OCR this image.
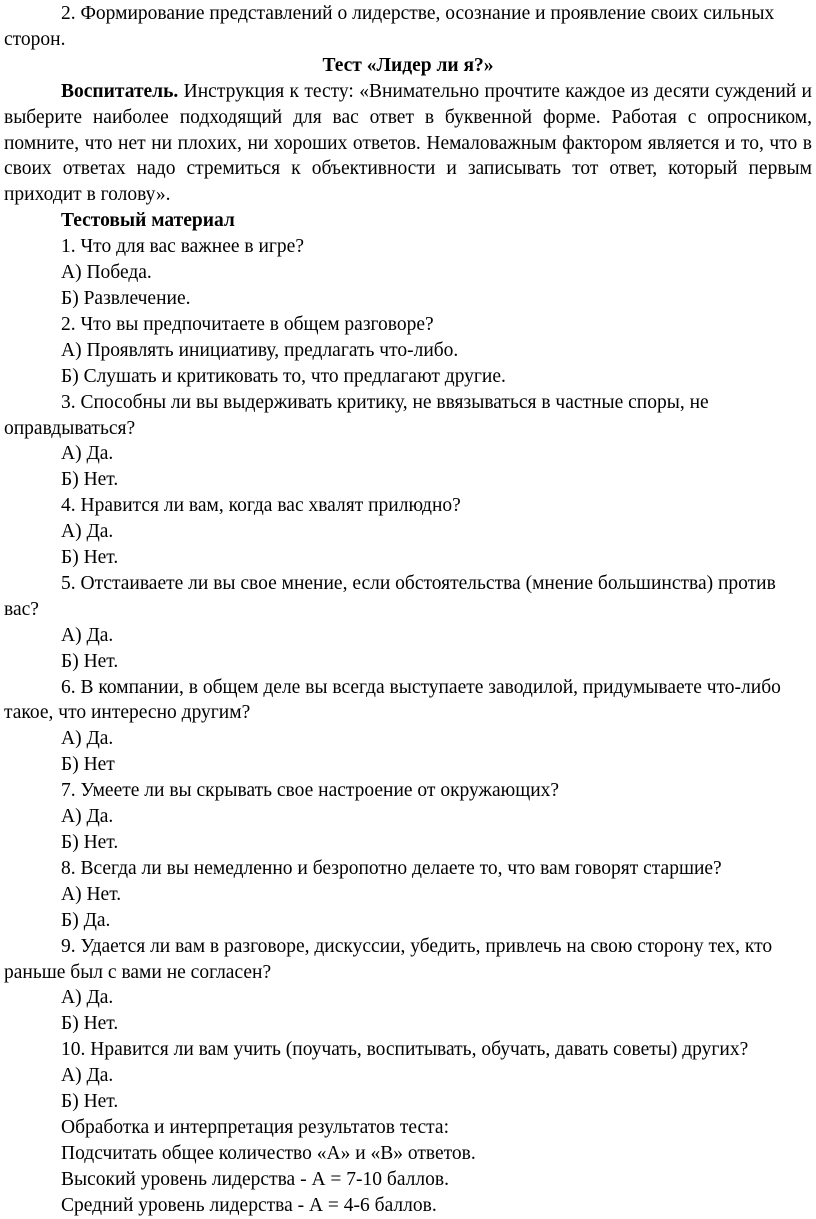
2. Формирование представлений о лидерстве, осознание и проявление своих сильных сторон.

Тест «Лидер ли я?»

Воспитатель. Инструкция к тесту: «Внимательно прочтите каждое из десяти суждений и выберите наиболее подходящий для вас ответ в буквенной форме. Работая с опросником, помните, что нет ни плохих, ни хороших ответов. Немаловажным фактором является и то, что в своих ответах надо стремиться к объективности и записывать тот ответ, который первым приходит в голову».

Тестовый материал

1. Что для вас важнее в игре?

А) Победа.

Б) Развлечение.

2. Что вы предпочитаете в общем разговоре?

А) Проявлять инициативу, предлагать что-либо.

Б) Слушать и критиковать то, что предлагают другие.

3. Способны ли вы выдерживать критику, не ввязываться в частные споры, не оправдываться?

А) Да.

Б) Нет.

4. Нравится ли вам, когда вас хвалят прилюдно?

А) Да.

Б) Нет.

5. Отстаиваете ли вы свое мнение, если обстоятельства (мнение большинства) против вас?

А) Да.

Б) Нет.

6. В компании, в общем деле вы всегда выступаете заводилой, придумываете что-либо такое, что интересно другим?

А) Да.

Б) Нет

7. Умеете ли вы скрывать свое настроение от окружающих?

А) Да.

Б) Нет.

8. Всегда ли вы немедленно и безропотно делаете то, что вам говорят старшие?

А) Нет.

Б) Да.

9. Удается ли вам в разговоре, дискуссии, убедить, привлечь на свою сторону тех, кто раньше был с вами не согласен?

А) Да.

Б) Нет.

10. Нравится ли вам учить (поучать, воспитывать, обучать, давать советы) других?

А) Да.

Б) Нет.

Обработка и интерпретация результатов теста:

Подсчитать общее количество «А» и «В» ответов.

Высокий уровень лидерства - А = 7-10 баллов.

Средний уровень лидерства - А = 4-6 баллов.
